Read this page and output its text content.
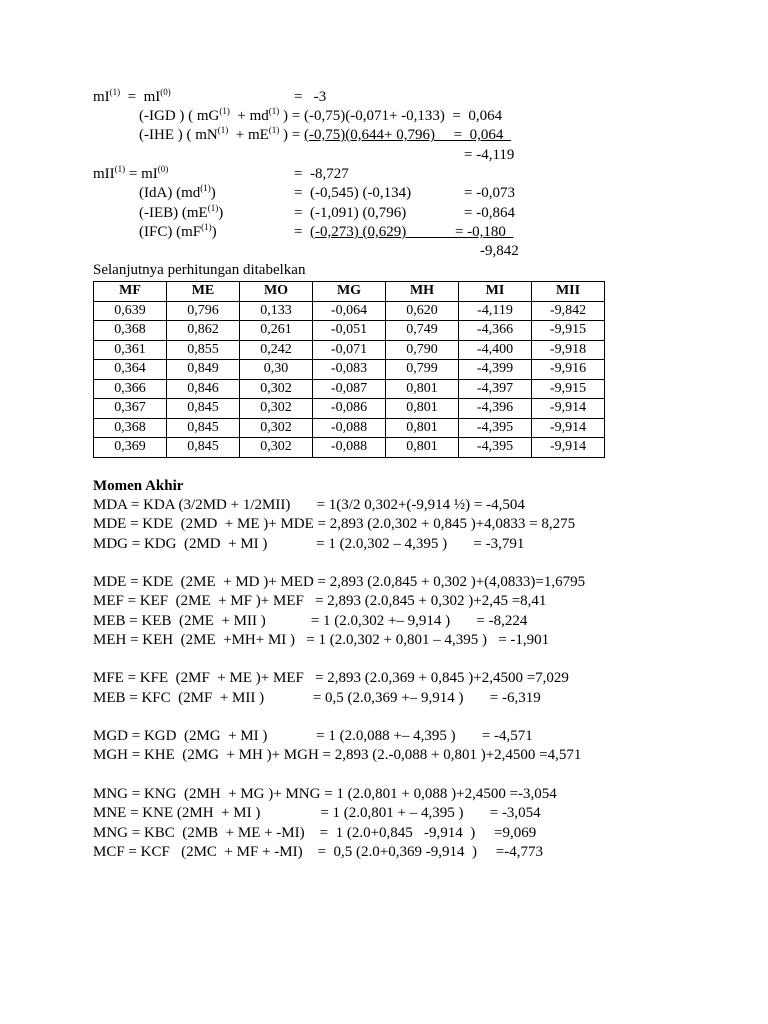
$mI^{(1)} = mI^{(0)}$	=   -3
(-IGD ) ( $mG^{(1)} + md^{(1)}$ ) = (-0,75)(-0,071+ -0,133)  =  0,064
(-IHE ) ( $mN^{(1)} + mE^{(1)}$ ) = (-0,75)(0,644+ 0,796)     =  0,064
= -4,119
$mII^{(1)} = mI^{(0)}$	=  -8,727
(IdA) $(md^{(1)})$	=  (-0,545) (-0,134)	= -0,073
(-IEB) $(mE^{(1)})$	=  (-1,091) (0,796)	= -0,864
(IFC) $(mF^{(1)})$	=  (-0,273) (0,629)             = -0,180
-9,842
Selanjutnya perhitungan ditabelkan
MF	ME	MO	MG	MH	MI	MII
0,639	0,796	0,133	-0,064	0,620	-4,119	-9,842
0,368	0,862	0,261	-0,051	0,749	-4,366	-9,915
0,361	0,855	0,242	-0,071	0,790	-4,400	-9,918
0,364	0,849	0,30	-0,083	0,799	-4,399	-9,916
0,366	0,846	0,302	-0,087	0,801	-4,397	-9,915
0,367	0,845	0,302	-0,086	0,801	-4,396	-9,914
0,368	0,845	0,302	-0,088	0,801	-4,395	-9,914
0,369	0,845	0,302	-0,088	0,801	-4,395	-9,914
Momen Akhir
MDA = KDA (3/2MD + 1/2MII)       = 1(3/2 0,302+(-9,914 ½) = -4,504
MDE = KDE  (2MD  + ME )+ MDE = 2,893 (2.0,302 + 0,845 )+4,0833 = 8,275
MDG = KDG  (2MD  + MI )             = 1 (2.0,302 – 4,395 )       = -3,791
MDE = KDE  (2ME  + MD )+ MED = 2,893 (2.0,845 + 0,302 )+(4,0833)=1,6795
MEF = KEF  (2ME  + MF )+ MEF   = 2,893 (2.0,845 + 0,302 )+2,45 =8,41
MEB = KEB  (2ME  + MII )            = 1 (2.0,302 +– 9,914 )       = -8,224
MEH = KEH  (2ME  +MH+ MI )   = 1 (2.0,302 + 0,801 – 4,395 )   = -1,901
MFE = KFE  (2MF  + ME )+ MEF   = 2,893 (2.0,369 + 0,845 )+2,4500 =7,029
MEB = KFC  (2MF  + MII )             = 0,5 (2.0,369 +– 9,914 )       = -6,319
MGD = KGD  (2MG  + MI )             = 1 (2.0,088 +– 4,395 )       = -4,571
MGH = KHE  (2MG  + MH )+ MGH = 2,893 (2.-0,088 + 0,801 )+2,4500 =4,571
MNG = KNG  (2MH  + MG )+ MNG = 1 (2.0,801 + 0,088 )+2,4500 =-3,054
MNE = KNE (2MH  + MI )                = 1 (2.0,801 + – 4,395 )       = -3,054
MNG = KBC  (2MB  + ME + -MI)    =  1 (2.0+0,845   -9,914  )     =9,069
MCF = KCF   (2MC  + MF + -MI)    =  0,5 (2.0+0,369 -9,914  )     =-4,773
